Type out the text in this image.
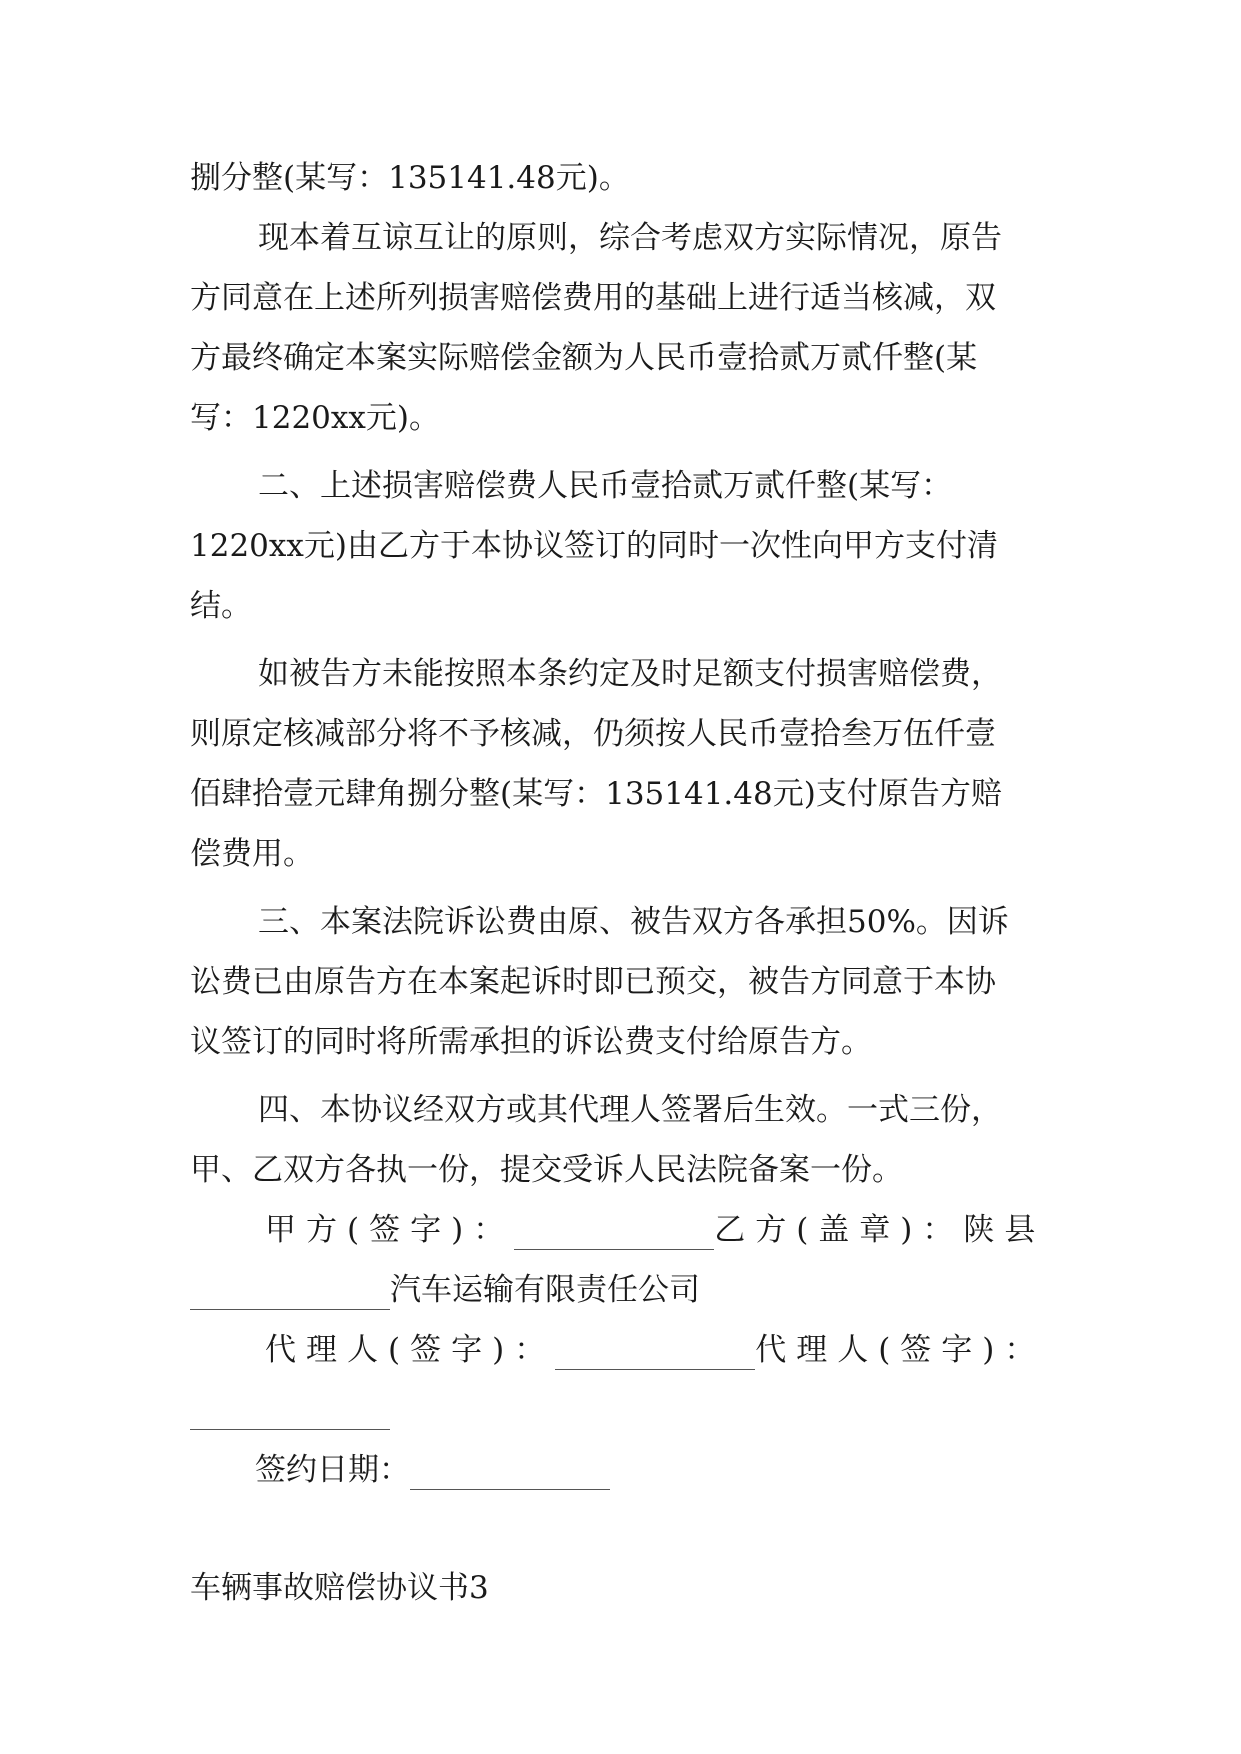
捌分整(某写：135141.48元)。
现本着互谅互让的原则，综合考虑双方实际情况，原告
方同意在上述所列损害赔偿费用的基础上进行适当核减，双
方最终确定本案实际赔偿金额为人民币壹拾贰万贰仟整(某
写：1220xx元)。
二、上述损害赔偿费人民币壹拾贰万贰仟整(某写：
1220xx元)由乙方于本协议签订的同时一次性向甲方支付清
结。
如被告方未能按照本条约定及时足额支付损害赔偿费，
则原定核减部分将不予核减，仍须按人民币壹拾叁万伍仟壹
佰肆拾壹元肆角捌分整(某写：135141.48元)支付原告方赔
偿费用。
三、本案法院诉讼费由原、被告双方各承担50%。因诉
讼费已由原告方在本案起诉时即已预交，被告方同意于本协
议签订的同时将所需承担的诉讼费支付给原告方。
四、本协议经双方或其代理人签署后生效。一式三份，
甲、乙双方各执一份，提交受诉人民法院备案一份。
甲方(签字)：	乙方(盖章)：陕县
汽车运输有限责任公司
代理人(签字)：	代理人(签字)：
签约日期：
车辆事故赔偿协议书3
